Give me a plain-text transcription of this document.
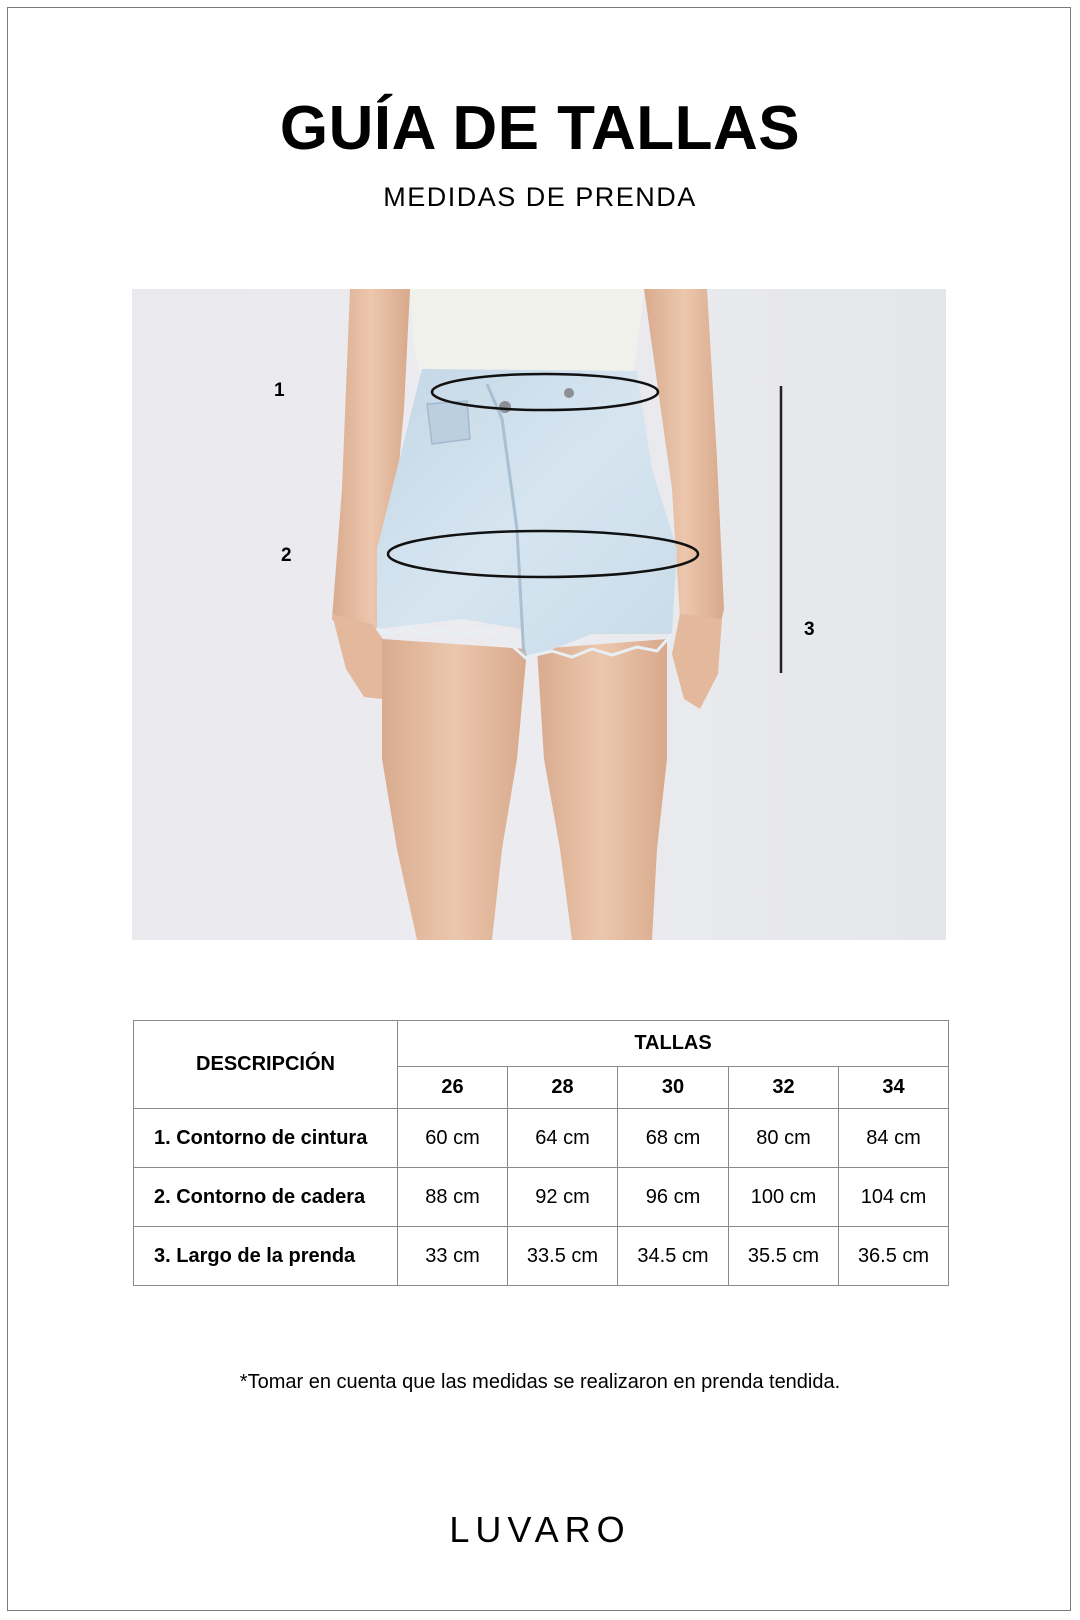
GUÍA DE TALLAS
MEDIDAS DE PRENDA
1
2
3
DESCRIPCIÓN	TALLAS				
	26	28	30	32	34
1. Contorno de cintura	60 cm	64 cm	68 cm	80 cm	84 cm
2. Contorno de cadera	88 cm	92 cm	96 cm	100 cm	104 cm
3. Largo de la prenda	33 cm	33.5 cm	34.5 cm	35.5 cm	36.5 cm
*Tomar en cuenta que las medidas se realizaron en prenda tendida.
LUVARO
